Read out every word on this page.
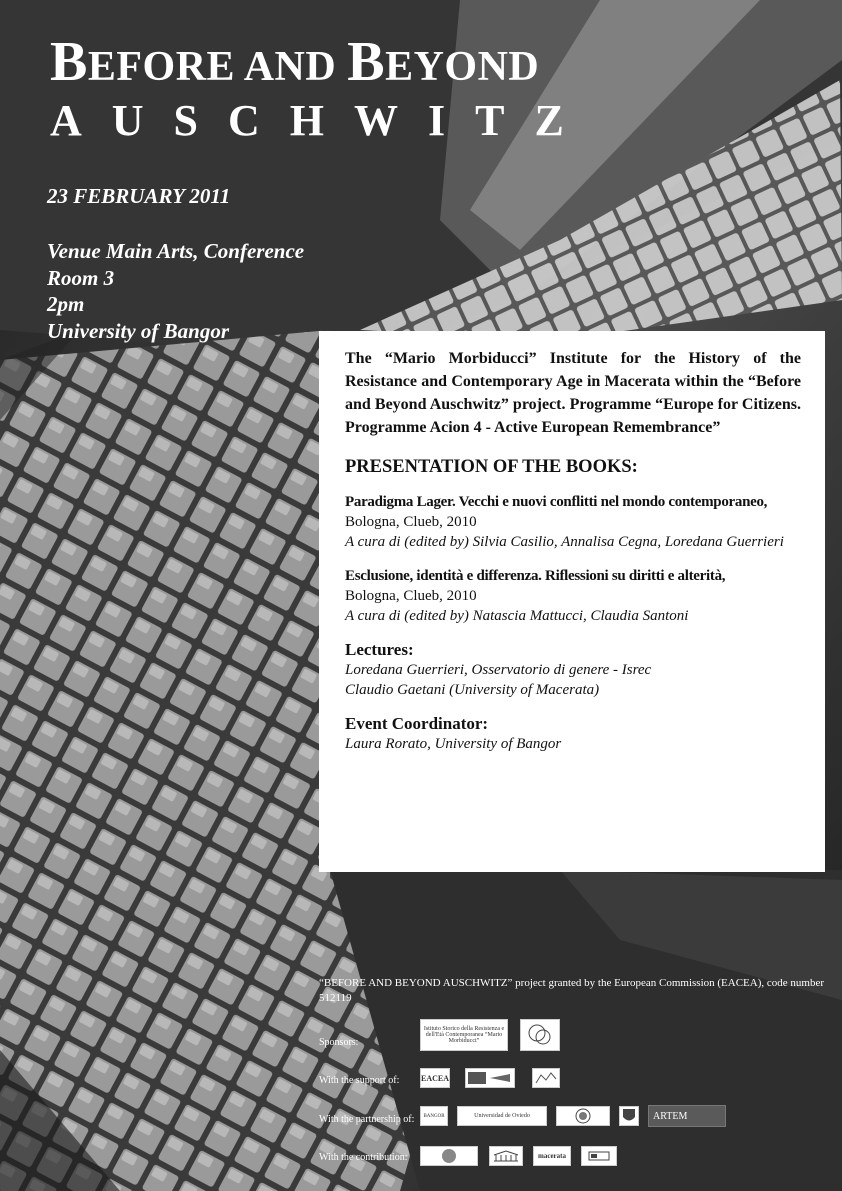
BEFORE AND BEYOND
AUSCHWITZ
23 FEBRUARY 2011
Venue Main Arts, Conference
Room 3
2pm
University of Bangor
The “Mario Morbiducci” Institute for the History of the Resistance and Contemporary Age in Macerata within the “Before and Beyond Auschwitz” project. Programme “Europe for Citizens. Programme Acion 4 - Active European Remembrance”
PRESENTATION OF THE BOOKS:
Paradigma Lager. Vecchi e nuovi conflitti nel mondo contemporaneo,
Bologna, Clueb, 2010
A cura di (edited by) Silvia Casilio, Annalisa Cegna, Loredana Guerrieri
Esclusione, identità e differenza. Riflessioni su diritti e alterità,
Bologna, Clueb, 2010
A cura di (edited by) Natascia Mattucci, Claudia Santoni
Lectures:
Loredana Guerrieri, Osservatorio di genere - Isrec
Claudio Gaetani (University of Macerata)
Event Coordinator:
Laura Rorato, University of Bangor
“BEFORE AND BEYOND AUSCHWITZ” project granted by the European Commission (EACEA), code number 512119
Sponsors:
Istituto Storico della Resistenza e dell'Età Contemporanea “Mario Morbiducci”
With the support of:	EACEA
With the partnership of: BANGOR	Universidad de Oviedo	ARTEM
With the contribution:	macerata
